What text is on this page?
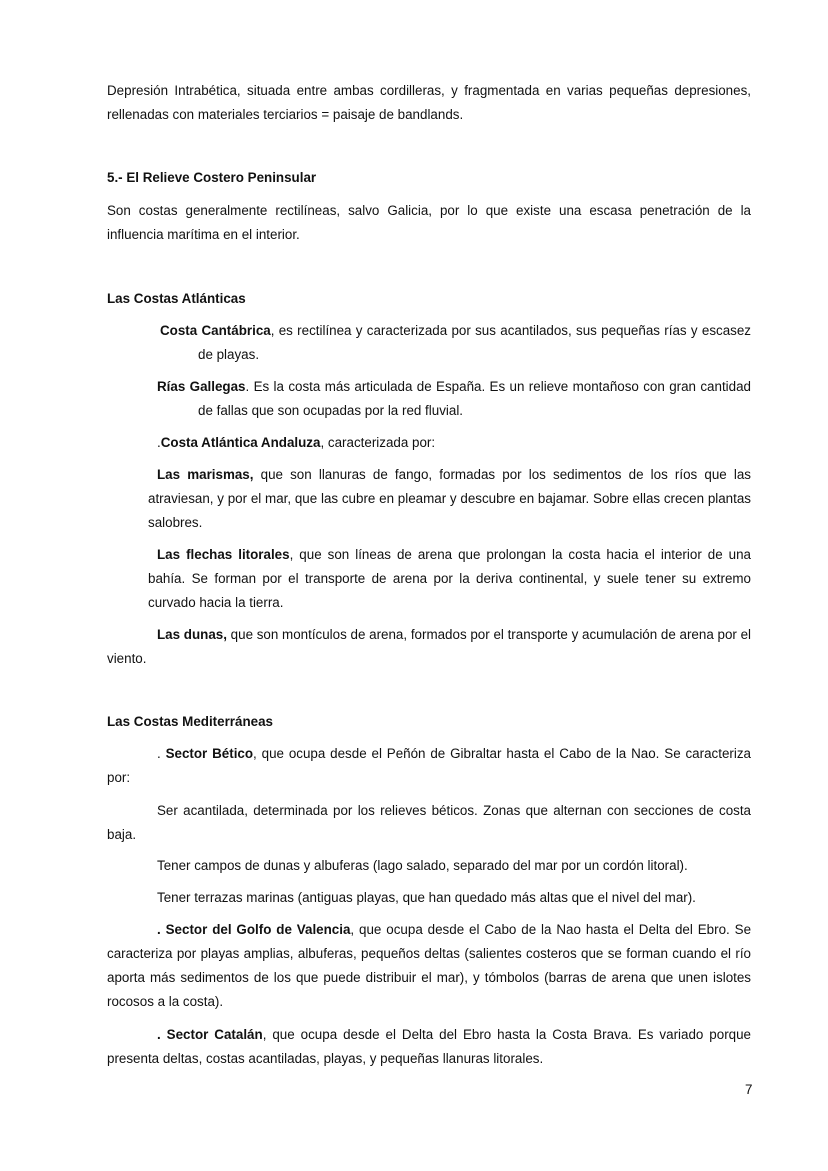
Depresión Intrabética, situada entre ambas cordilleras, y fragmentada en varias pequeñas depresiones, rellenadas con materiales terciarios = paisaje de bandlands.

5.- El Relieve Costero Peninsular

Son costas generalmente rectilíneas, salvo Galicia, por lo que existe una escasa penetración de la influencia marítima en el interior.

Las Costas Atlánticas

Costa Cantábrica, es rectilínea y caracterizada por sus acantilados, sus pequeñas rías y escasez de playas.

Rías Gallegas. Es la costa más articulada de España. Es un relieve montañoso con gran cantidad de fallas que son ocupadas por la red fluvial.

.Costa Atlántica Andaluza, caracterizada por:

Las marismas, que son llanuras de fango, formadas por los sedimentos de los ríos que las atraviesan, y por el mar, que las cubre en pleamar y descubre en bajamar. Sobre ellas crecen plantas salobres.

Las flechas litorales, que son líneas de arena que prolongan la costa hacia el interior de una bahía. Se forman por el transporte de arena por la deriva continental, y suele tener su extremo curvado hacia la tierra.

Las dunas, que son montículos de arena, formados por el transporte y acumulación de arena por el viento.

Las Costas Mediterráneas

. Sector Bético, que ocupa desde el Peñón de Gibraltar hasta el Cabo de la Nao. Se caracteriza por:

Ser acantilada, determinada por los relieves béticos. Zonas que alternan con secciones de costa baja.

Tener campos de dunas y albuferas (lago salado, separado del mar por un cordón litoral).

Tener terrazas marinas (antiguas playas, que han quedado más altas que el nivel del mar).

. Sector del Golfo de Valencia, que ocupa desde el Cabo de la Nao hasta el Delta del Ebro. Se caracteriza por playas amplias, albuferas, pequeños deltas (salientes costeros que se forman cuando el río aporta más sedimentos de los que puede distribuir el mar), y tómbolos (barras de arena que unen islotes rocosos a la costa).

. Sector Catalán, que ocupa desde el Delta del Ebro hasta la Costa Brava. Es variado porque presenta deltas, costas acantiladas, playas, y pequeñas llanuras litorales.

7
